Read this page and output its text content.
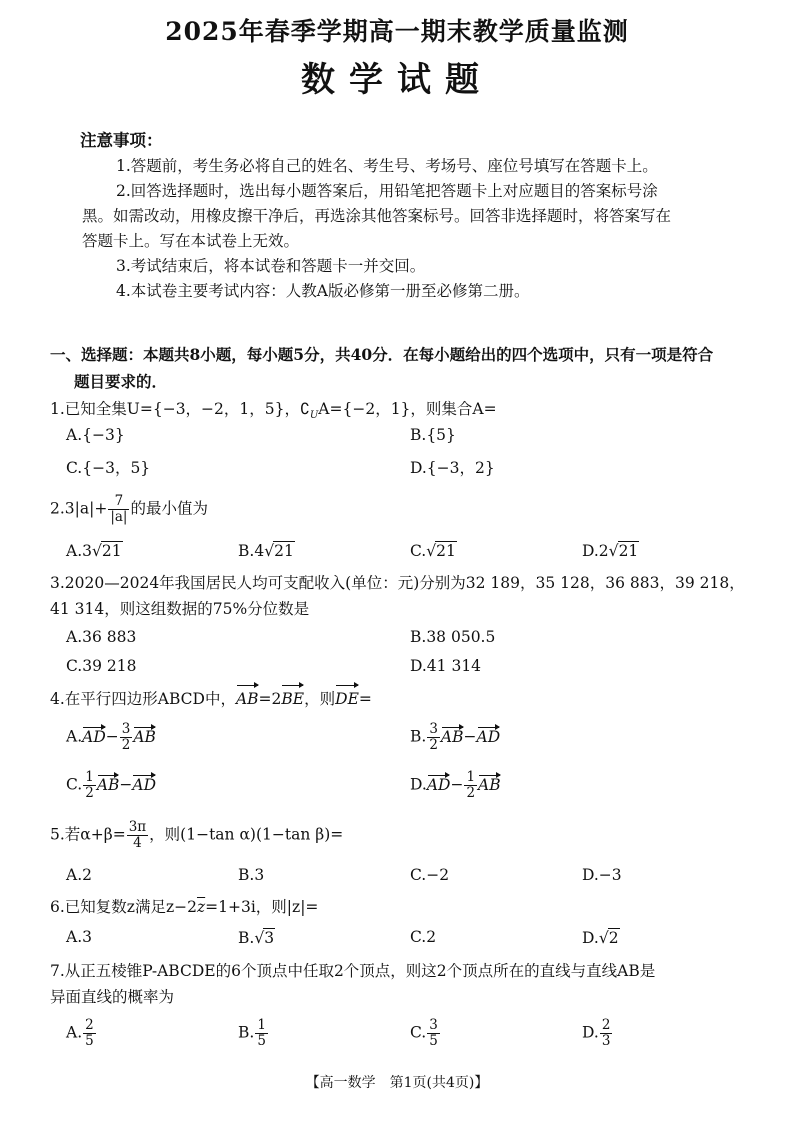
2025年春季学期高一期末教学质量监测
数学试题
注意事项：

1.答题前，考生务必将自己的姓名、考生号、考场号、座位号填写在答题卡上。

2.回答选择题时，选出每小题答案后，用铅笔把答题卡上对应题目的答案标号涂

黑。如需改动，用橡皮擦干净后，再选涂其他答案标号。回答非选择题时，将答案写在

答题卡上。写在本试卷上无效。

3.考试结束后，将本试卷和答题卡一并交回。

4.本试卷主要考试内容：人教A版必修第一册至必修第二册。

一、选择题：本题共8小题，每小题5分，共40分．在每小题给出的四个选项中，只有一项是符合
题目要求的．
1.已知全集U={−3，−2，1，5}，$∁_UA=\{-2$，1}，则集合A=
A.{−3}	B.{5}
C.{−3，5}	D.{−3，2}
$2.3|a|+ \frac{7}{|a|}$ 的最小值为
A.3√21	B.4√21	C.√21	D.2√21
3.2020—2024年我国居民人均可支配收入(单位：元)分别为32 189，35 128，36 883，39 218，
41 314，则这组数据的75%分位数是
A.36 883	B.38 050.5
C.39 218	D.41 314
4.在平行四边形ABCD中，AB=2BE，则DE=
$A.AD- \frac{3}{2}$ AB	B. $\frac{3}{2} AB-AD$
C. $\frac{1}{2} AB-AD$	$D.AD- \frac{1}{2}$ AB
5.若$\alpha+\beta= \frac{3\pi}{4}$ ，则(1−tan α)(1−tan β)=
A.2	B.3	C.−2	D.−3
6.已知复数z满足$z-2\overline{z}=1+3i$，则|z|=
A.3	B.√3	C.2	D.√2
7.从正五棱锥P-ABCDE的6个顶点中任取2个顶点，则这2个顶点所在的直线与直线AB是
异面直线的概率为
A. $\frac{2}{5}$	B. $\frac{1}{5}$	C. $\frac{3}{5}$	D. $\frac{2}{3}$
【高一数学　第1页(共4页)】
